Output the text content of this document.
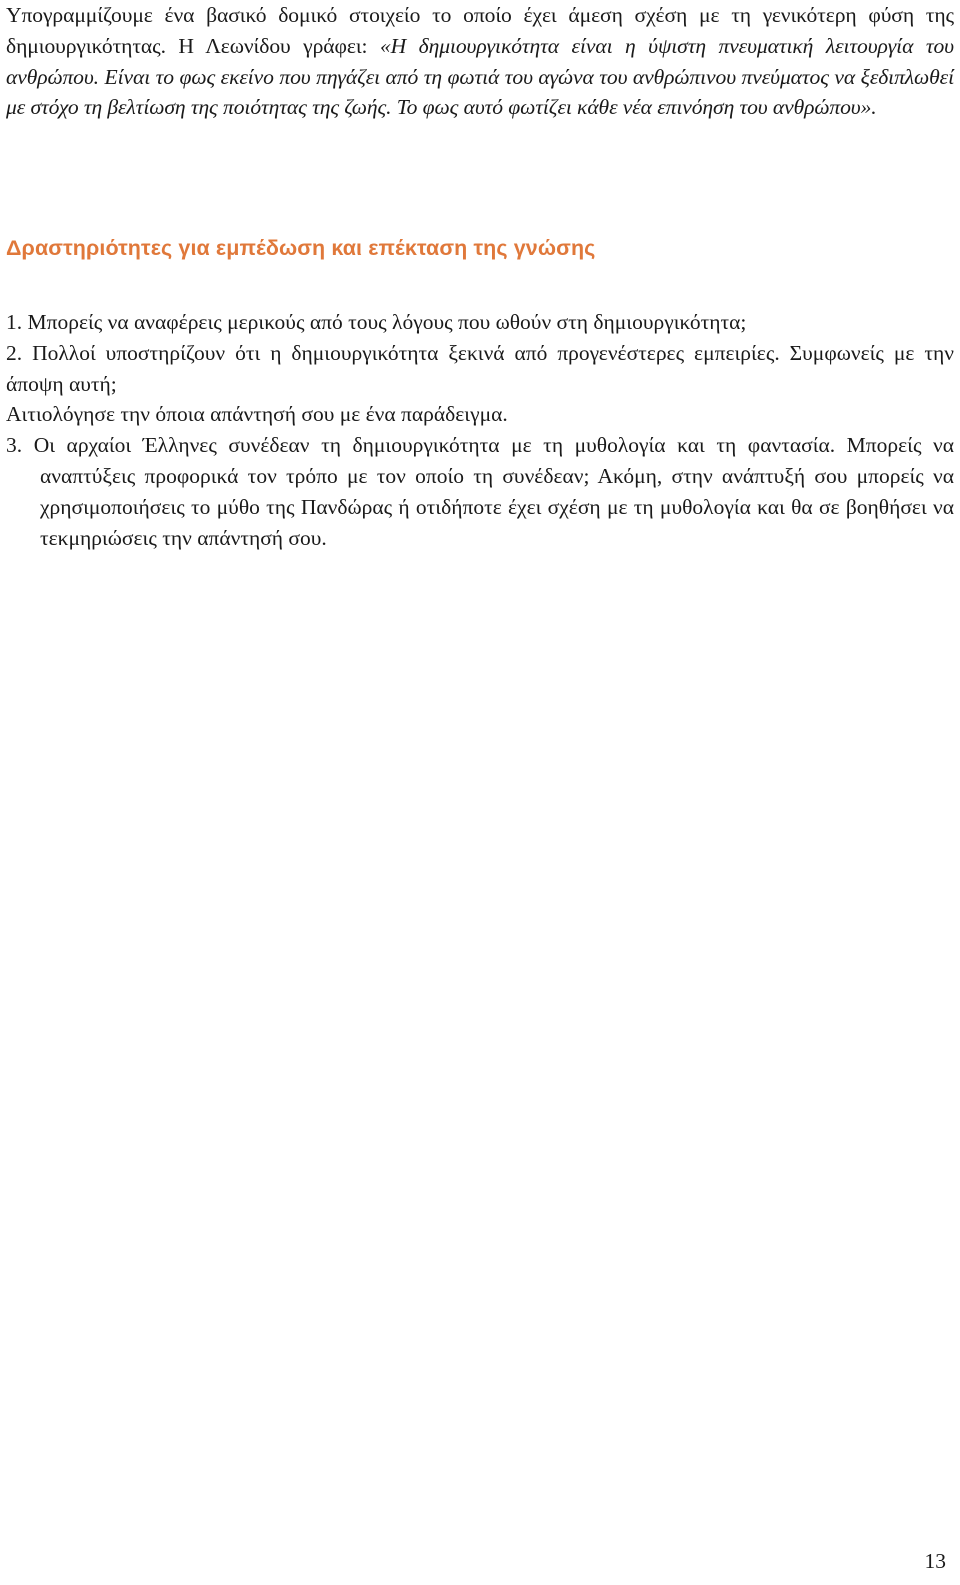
Υπογραμμίζουμε ένα βασικό δομικό στοιχείο το οποίο έχει άμεση σχέση με τη γενικότερη φύση της δημιουργικότητας. Η Λεωνίδου γράφει: «Η δημιουργικότητα είναι η ύψιστη πνευματική λειτουργία του ανθρώπου. Είναι το φως εκείνο που πηγάζει από τη φωτιά του αγώνα του ανθρώπινου πνεύματος να ξεδιπλωθεί με στόχο τη βελτίωση της ποιότητας της ζωής. Το φως αυτό φωτίζει κάθε νέα επινόηση του ανθρώπου».

Δραστηριότητες για εμπέδωση και επέκταση της γνώσης

1. Μπορείς να αναφέρεις μερικούς από τους λόγους που ωθούν στη δημιουργικότητα;

2. Πολλοί υποστηρίζουν ότι η δημιουργικότητα ξεκινά από προγενέστερες εμπειρίες. Συμφωνείς με την άποψη αυτή;

Αιτιολόγησε την όποια απάντησή σου με ένα παράδειγμα.

3. Οι αρχαίοι Έλληνες συνέδεαν τη δημιουργικότητα με τη μυθολογία και τη φαντασία. Μπορείς να αναπτύξεις προφορικά τον τρόπο με τον οποίο τη συνέδεαν; Ακόμη, στην ανάπτυξή σου μπορείς να χρησιμοποιήσεις το μύθο της Πανδώρας ή οτιδήποτε έχει σχέση με τη μυθολογία και θα σε βοηθήσει να τεκμηριώσεις την απάντησή σου.

13
